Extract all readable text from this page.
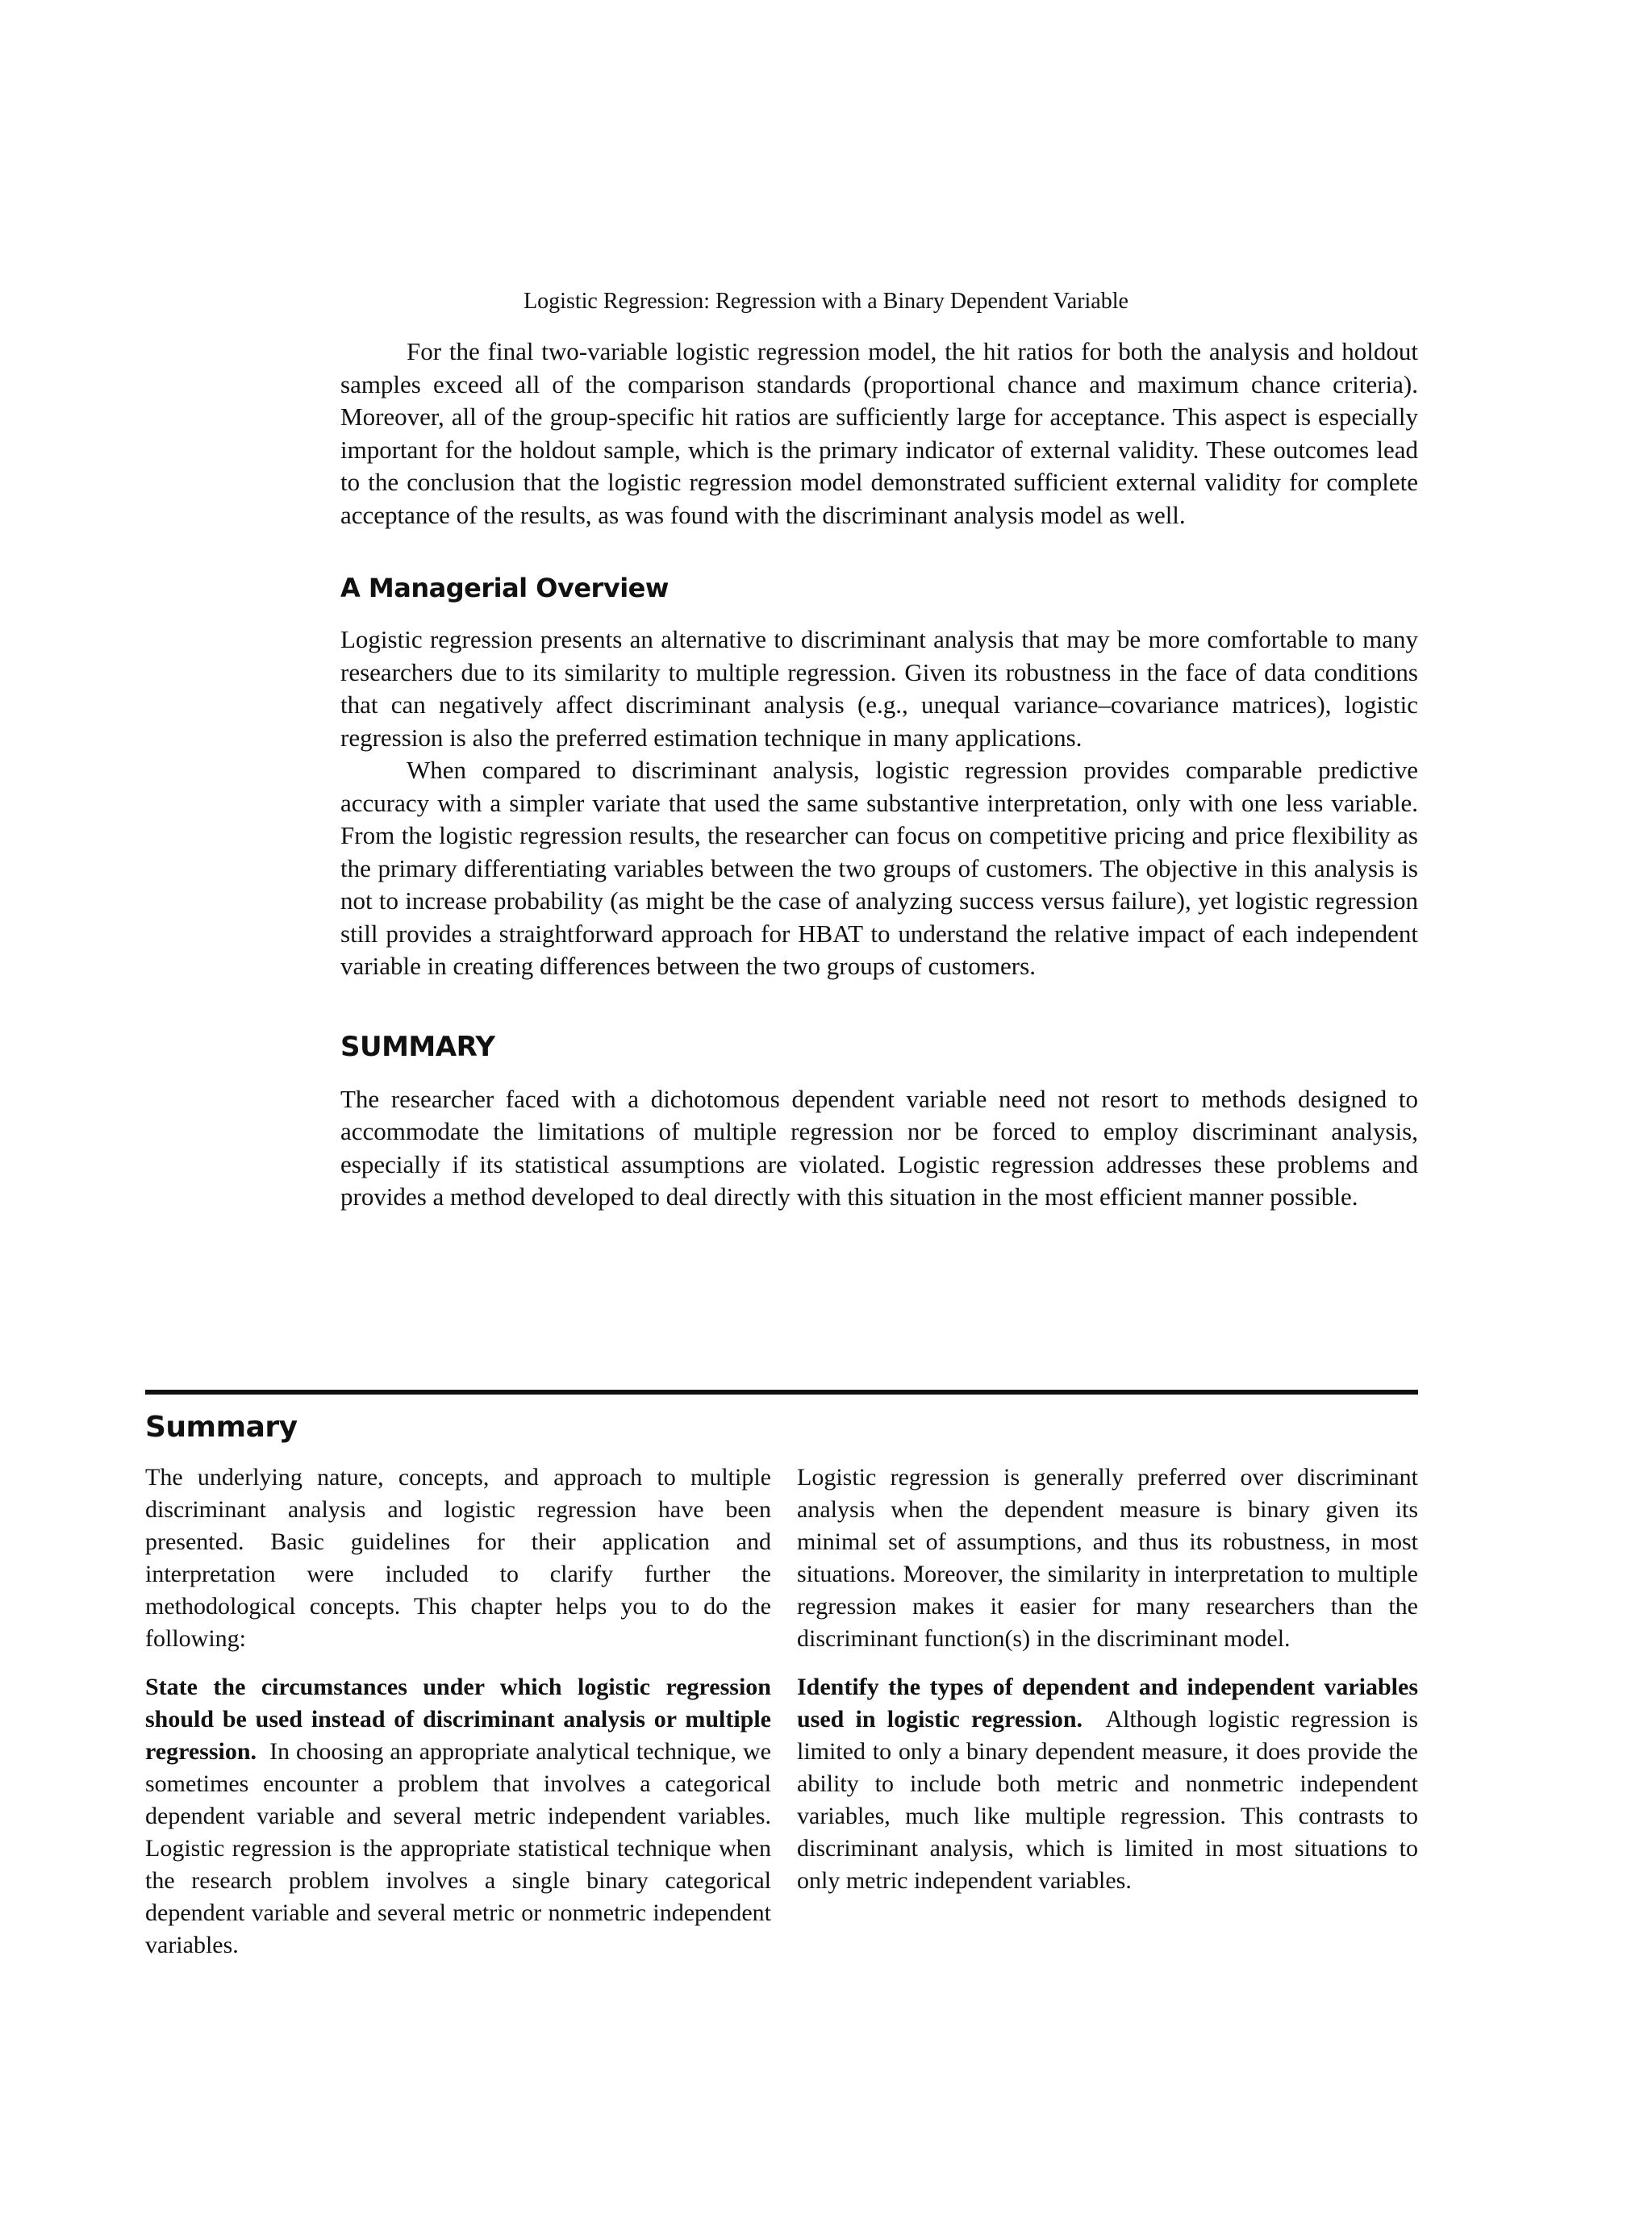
Logistic Regression: Regression with a Binary Dependent Variable

For the final two-variable logistic regression model, the hit ratios for both the analysis and holdout samples exceed all of the comparison standards (proportional chance and maximum chance criteria). Moreover, all of the group-specific hit ratios are sufficiently large for acceptance. This aspect is especially important for the holdout sample, which is the primary indicator of external validity. These outcomes lead to the conclusion that the logistic regression model demonstrated sufficient external validity for complete acceptance of the results, as was found with the discriminant analysis model as well.

A Managerial Overview

Logistic regression presents an alternative to discriminant analysis that may be more comfortable to many researchers due to its similarity to multiple regression. Given its robustness in the face of data conditions that can negatively affect discriminant analysis (e.g., unequal variance–covariance matrices), logistic regression is also the preferred estimation technique in many applications.

When compared to discriminant analysis, logistic regression provides comparable predictive accuracy with a simpler variate that used the same substantive interpretation, only with one less variable. From the logistic regression results, the researcher can focus on competitive pricing and price flexibility as the primary differentiating variables between the two groups of customers. The objective in this analysis is not to increase probability (as might be the case of analyzing success versus failure), yet logistic regression still provides a straightforward approach for HBAT to understand the relative impact of each independent variable in creating differences between the two groups of customers.

SUMMARY

The researcher faced with a dichotomous dependent variable need not resort to methods designed to accommodate the limitations of multiple regression nor be forced to employ discriminant analysis, especially if its statistical assumptions are violated. Logistic regression addresses these problems and provides a method developed to deal directly with this situation in the most efficient manner possible.

Summary

The underlying nature, concepts, and approach to multiple discriminant analysis and logistic regression have been presented. Basic guidelines for their application and interpretation were included to clarify further the methodological concepts. This chapter helps you to do the following:

State the circumstances under which logistic regression should be used instead of discriminant analysis or multiple regression. In choosing an appropriate analytical technique, we sometimes encounter a problem that involves a categorical dependent variable and several metric independent variables. Logistic regression is the appropriate statistical technique when the research problem involves a single binary categorical dependent variable and several metric or nonmetric independent variables.

Logistic regression is generally preferred over discriminant analysis when the dependent measure is binary given its minimal set of assumptions, and thus its robustness, in most situations. Moreover, the similarity in interpretation to multiple regression makes it easier for many researchers than the discriminant function(s) in the discriminant model.

Identify the types of dependent and independent variables used in logistic regression. Although logistic regression is limited to only a binary dependent measure, it does provide the ability to include both metric and nonmetric independent variables, much like multiple regression. This contrasts to discriminant analysis, which is limited in most situations to only metric independent variables.
